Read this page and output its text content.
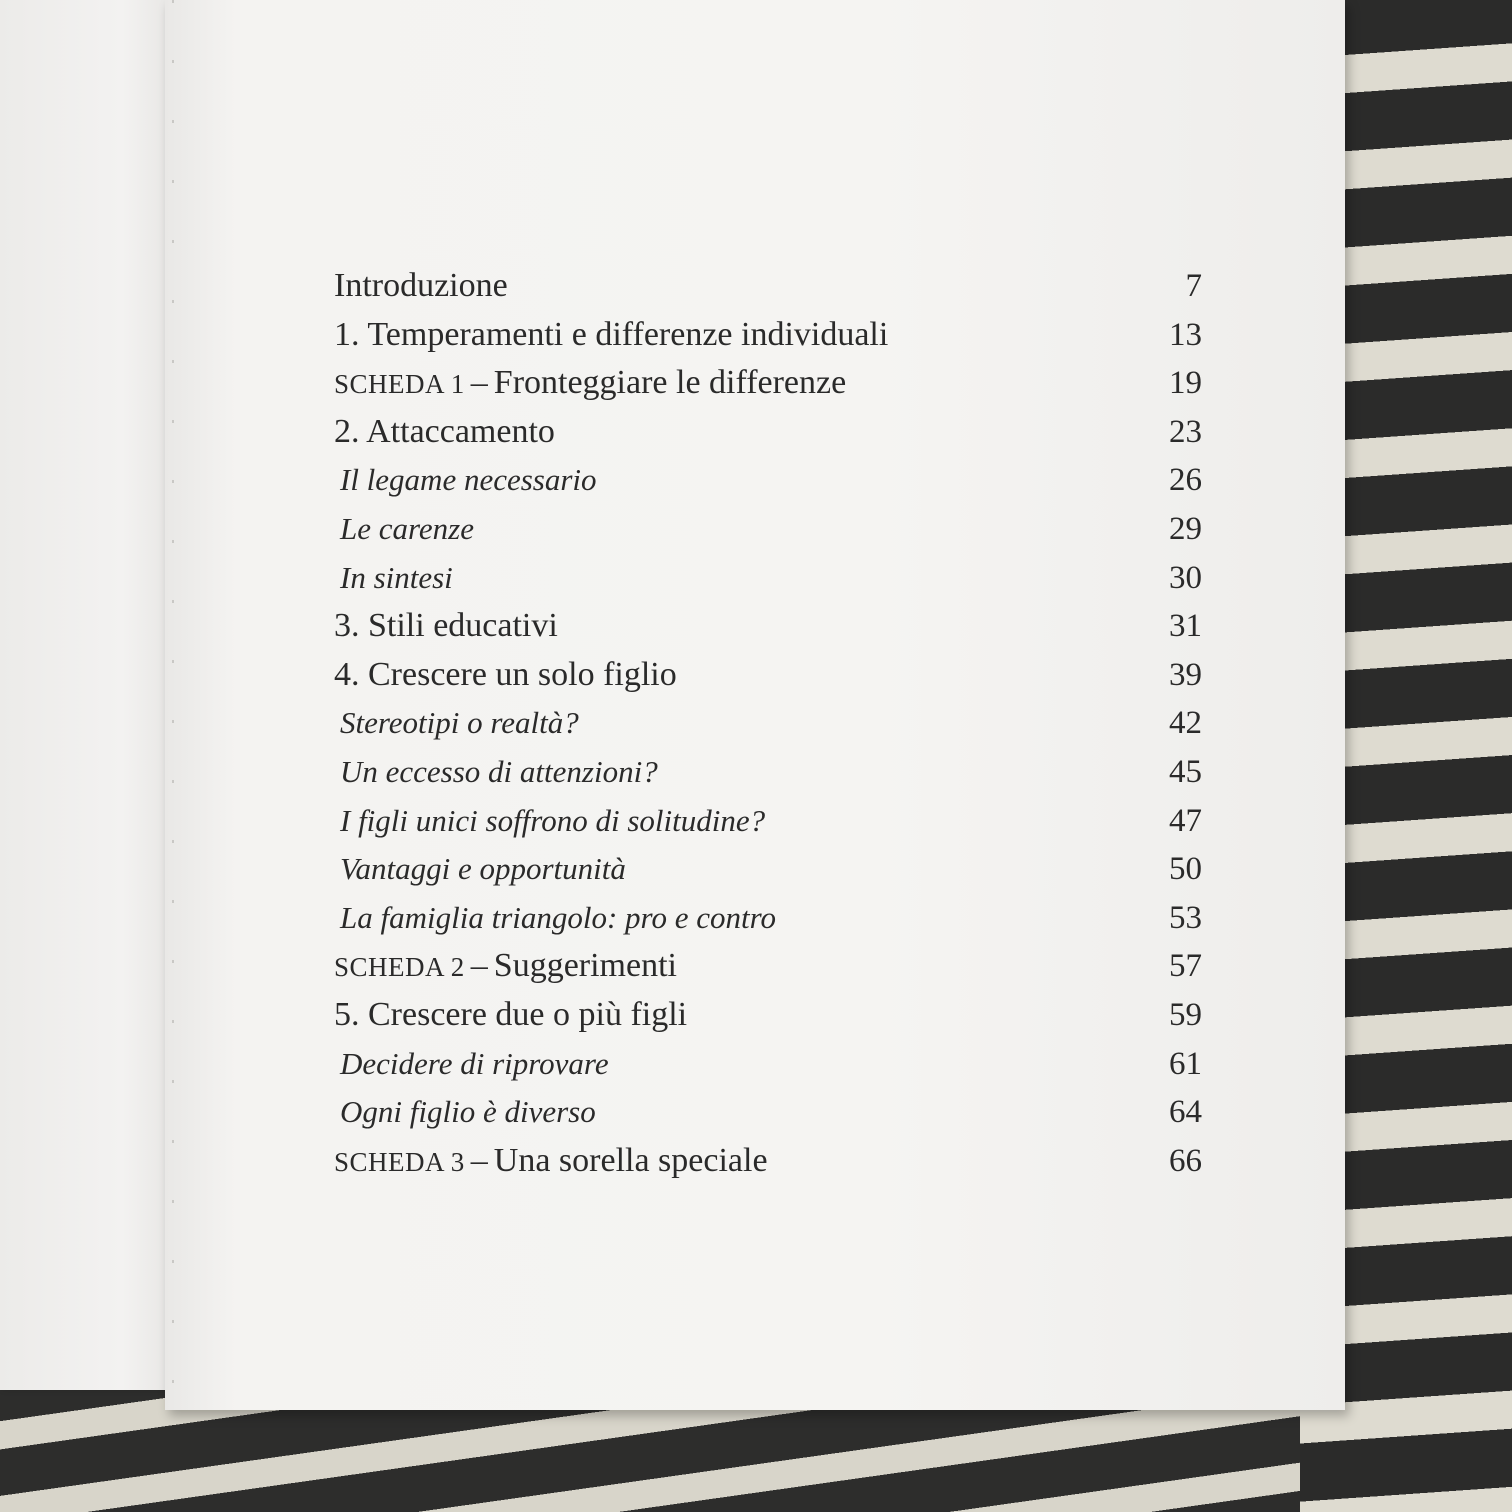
Introduzione	7
1. Temperamenti e differenze individuali	13
SCHEDA 1 – Fronteggiare le differenze	19
2. Attaccamento	23
Il legame necessario	26
Le carenze	29
In sintesi	30
3. Stili educativi	31
4. Crescere un solo figlio	39
Stereotipi o realtà?	42
Un eccesso di attenzioni?	45
I figli unici soffrono di solitudine?	47
Vantaggi e opportunità	50
La famiglia triangolo: pro e contro	53
SCHEDA 2 – Suggerimenti	57
5. Crescere due o più figli	59
Decidere di riprovare	61
Ogni figlio è diverso	64
SCHEDA 3 – Una sorella speciale	66
